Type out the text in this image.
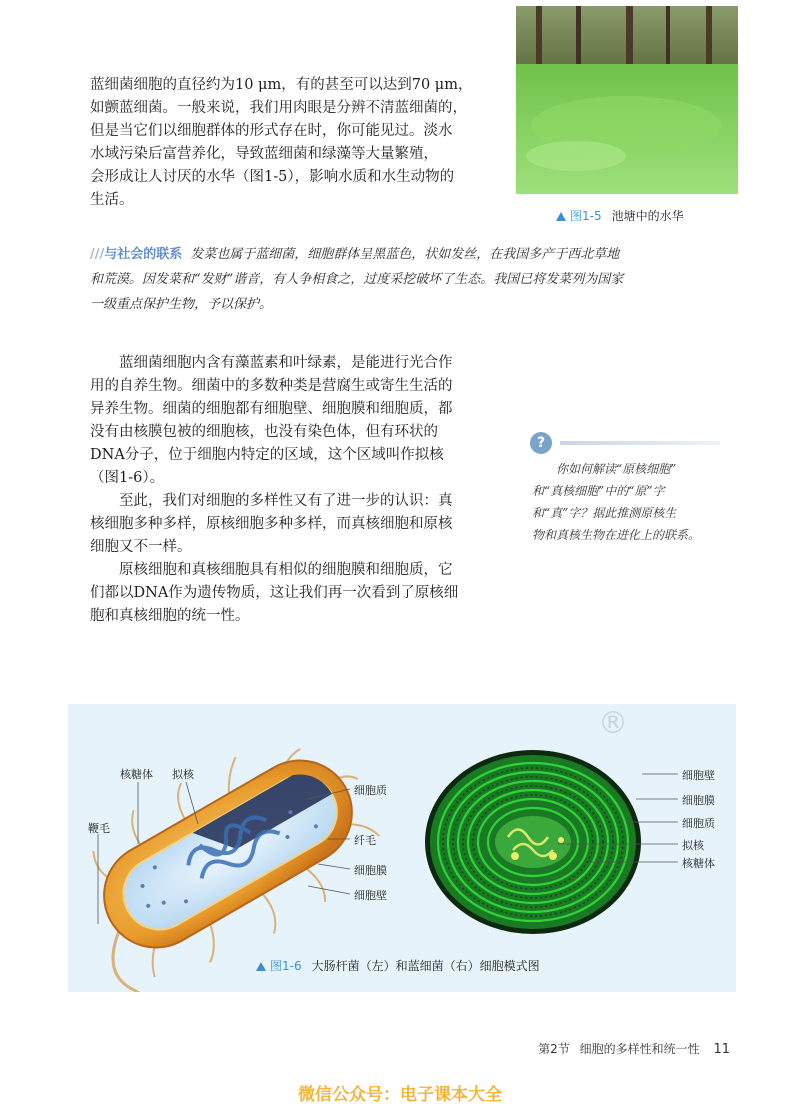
蓝细菌细胞的直径约为10 μm，有的甚至可以达到70 μm，
如颤蓝细菌。一般来说，我们用肉眼是分辨不清蓝细菌的，
但是当它们以细胞群体的形式存在时，你可能见过。淡水
水域污染后富营养化，导致蓝细菌和绿藻等大量繁殖，
会形成让人讨厌的水华（图1-5），影响水质和水生动物的
生活。
图1-5 池塘中的水华
///与社会的联系 发菜也属于蓝细菌，细胞群体呈黑蓝色，状如发丝，在我国多产于西北草地
和荒漠。因发菜和“发财”谐音，有人争相食之，过度采挖破坏了生态。我国已将发菜列为国家
一级重点保护生物，予以保护。
蓝细菌细胞内含有藻蓝素和叶绿素，是能进行光合作
用的自养生物。细菌中的多数种类是营腐生或寄生生活的
异养生物。细菌的细胞都有细胞壁、细胞膜和细胞质，都
没有由核膜包被的细胞核，也没有染色体，但有环状的
DNA分子，位于细胞内特定的区域，这个区域叫作拟核
（图1-6）。
至此，我们对细胞的多样性又有了进一步的认识：真
核细胞多种多样，原核细胞多种多样，而真核细胞和原核
细胞又不一样。
原核细胞和真核细胞具有相似的细胞膜和细胞质，它
们都以DNA作为遗传物质，这让我们再一次看到了原核细
胞和真核细胞的统一性。
?
你如何解读“原核细胞”
和“真核细胞”中的“原”字
和“真”字？据此推测原核生
物和真核生物在进化上的联系。
®
核糖体 拟核
鞭毛
细胞质
纤毛
细胞膜
细胞壁
细胞壁
细胞膜
细胞质
拟核
核糖体
图1-6 大肠杆菌（左）和蓝细菌（右）细胞模式图
第2节 细胞的多样性和统一性 11
微信公众号：电子课本大全
